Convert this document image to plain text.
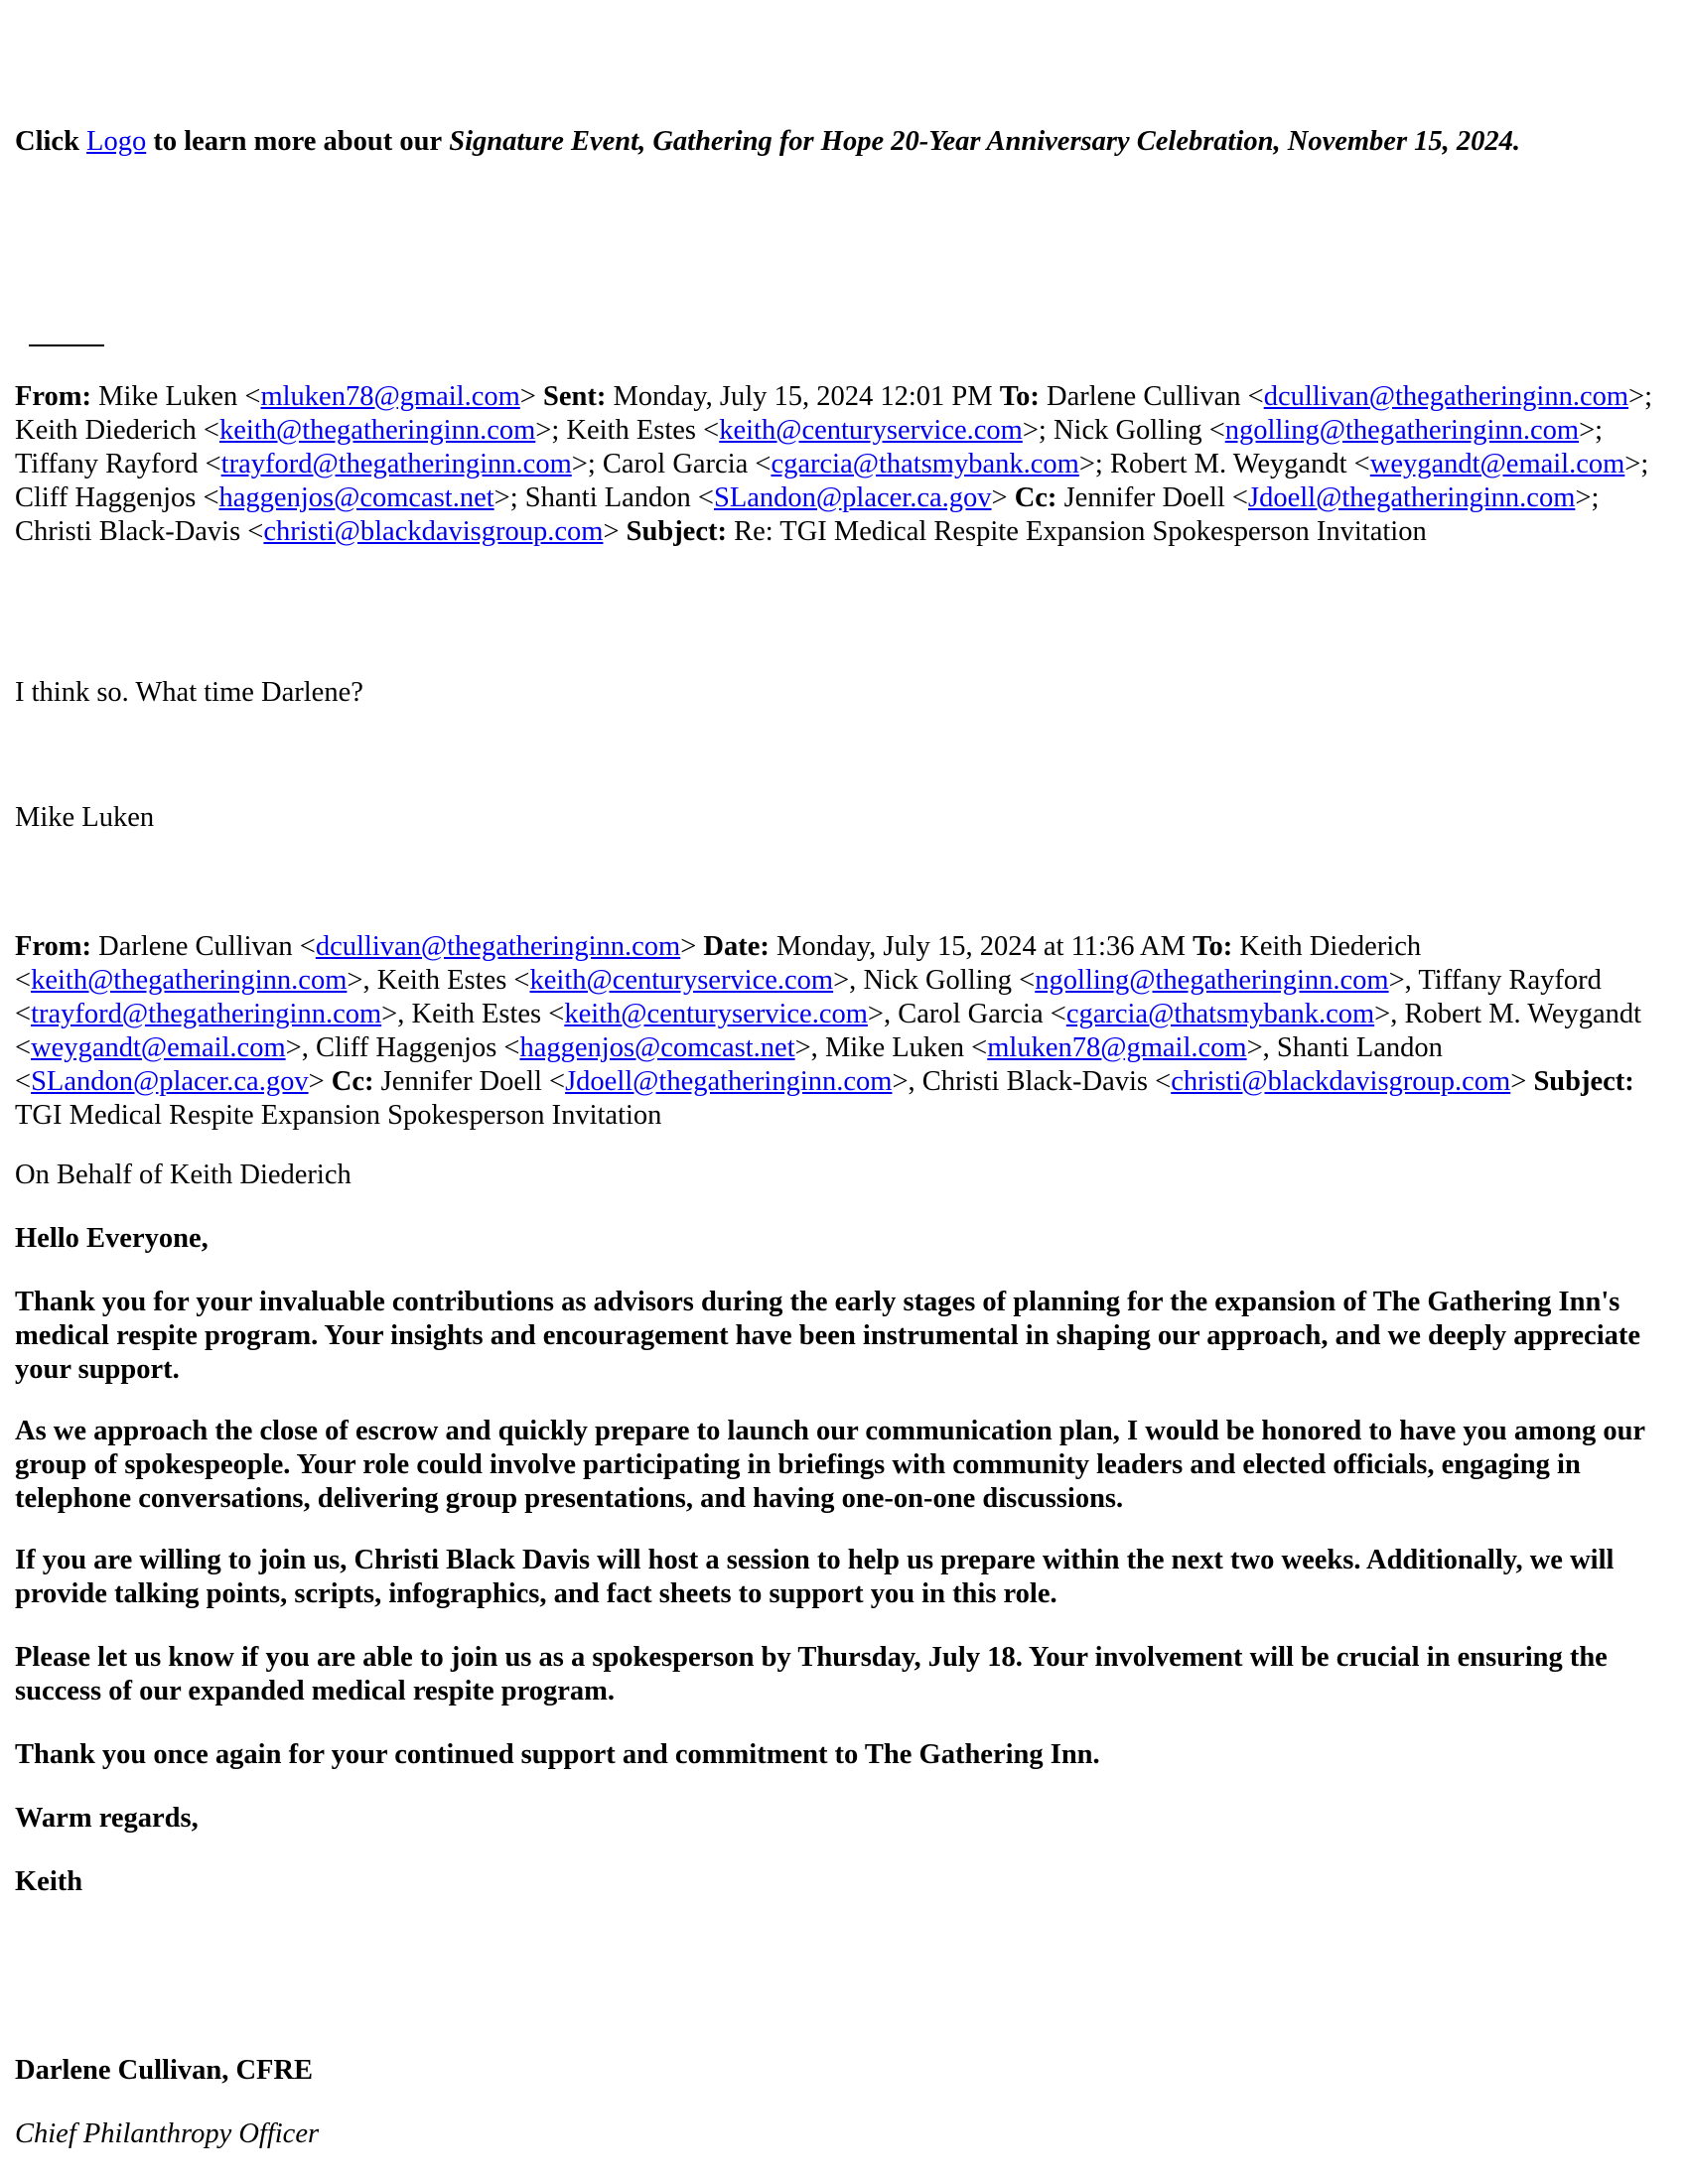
Click Logo to learn more about our Signature Event, Gathering for Hope 20-Year Anniversary Celebration, November 15, 2024.

From: Mike Luken <mluken78@gmail.com> Sent: Monday, July 15, 2024 12:01 PM To: Darlene Cullivan <dcullivan@thegatheringinn.com>; Keith Diederich <keith@thegatheringinn.com>; Keith Estes <keith@centuryservice.com>; Nick Golling <ngolling@thegatheringinn.com>; Tiffany Rayford <trayford@thegatheringinn.com>; Carol Garcia <cgarcia@thatsmybank.com>; Robert M. Weygandt <weygandt@email.com>; Cliff Haggenjos <haggenjos@comcast.net>; Shanti Landon <SLandon@placer.ca.gov> Cc: Jennifer Doell <Jdoell@thegatheringinn.com>; Christi Black-Davis <christi@blackdavisgroup.com> Subject: Re: TGI Medical Respite Expansion Spokesperson Invitation

I think so. What time Darlene?

Mike Luken

From: Darlene Cullivan <dcullivan@thegatheringinn.com> Date: Monday, July 15, 2024 at 11:36 AM To: Keith Diederich <keith@thegatheringinn.com>, Keith Estes <keith@centuryservice.com>, Nick Golling <ngolling@thegatheringinn.com>, Tiffany Rayford <trayford@thegatheringinn.com>, Keith Estes <keith@centuryservice.com>, Carol Garcia <cgarcia@thatsmybank.com>, Robert M. Weygandt <weygandt@email.com>, Cliff Haggenjos <haggenjos@comcast.net>, Mike Luken <mluken78@gmail.com>, Shanti Landon <SLandon@placer.ca.gov> Cc: Jennifer Doell <Jdoell@thegatheringinn.com>, Christi Black-Davis <christi@blackdavisgroup.com> Subject: TGI Medical Respite Expansion Spokesperson Invitation

On Behalf of Keith Diederich

Hello Everyone,

Thank you for your invaluable contributions as advisors during the early stages of planning for the expansion of The Gathering Inn's medical respite program. Your insights and encouragement have been instrumental in shaping our approach, and we deeply appreciate your support.

As we approach the close of escrow and quickly prepare to launch our communication plan, I would be honored to have you among our group of spokespeople. Your role could involve participating in briefings with community leaders and elected officials, engaging in telephone conversations, delivering group presentations, and having one-on-one discussions.

If you are willing to join us, Christi Black Davis will host a session to help us prepare within the next two weeks. Additionally, we will provide talking points, scripts, infographics, and fact sheets to support you in this role.

Please let us know if you are able to join us as a spokesperson by Thursday, July 18. Your involvement will be crucial in ensuring the success of our expanded medical respite program.

Thank you once again for your continued support and commitment to The Gathering Inn.

Warm regards,

Keith

Darlene Cullivan, CFRE

Chief Philanthropy Officer
